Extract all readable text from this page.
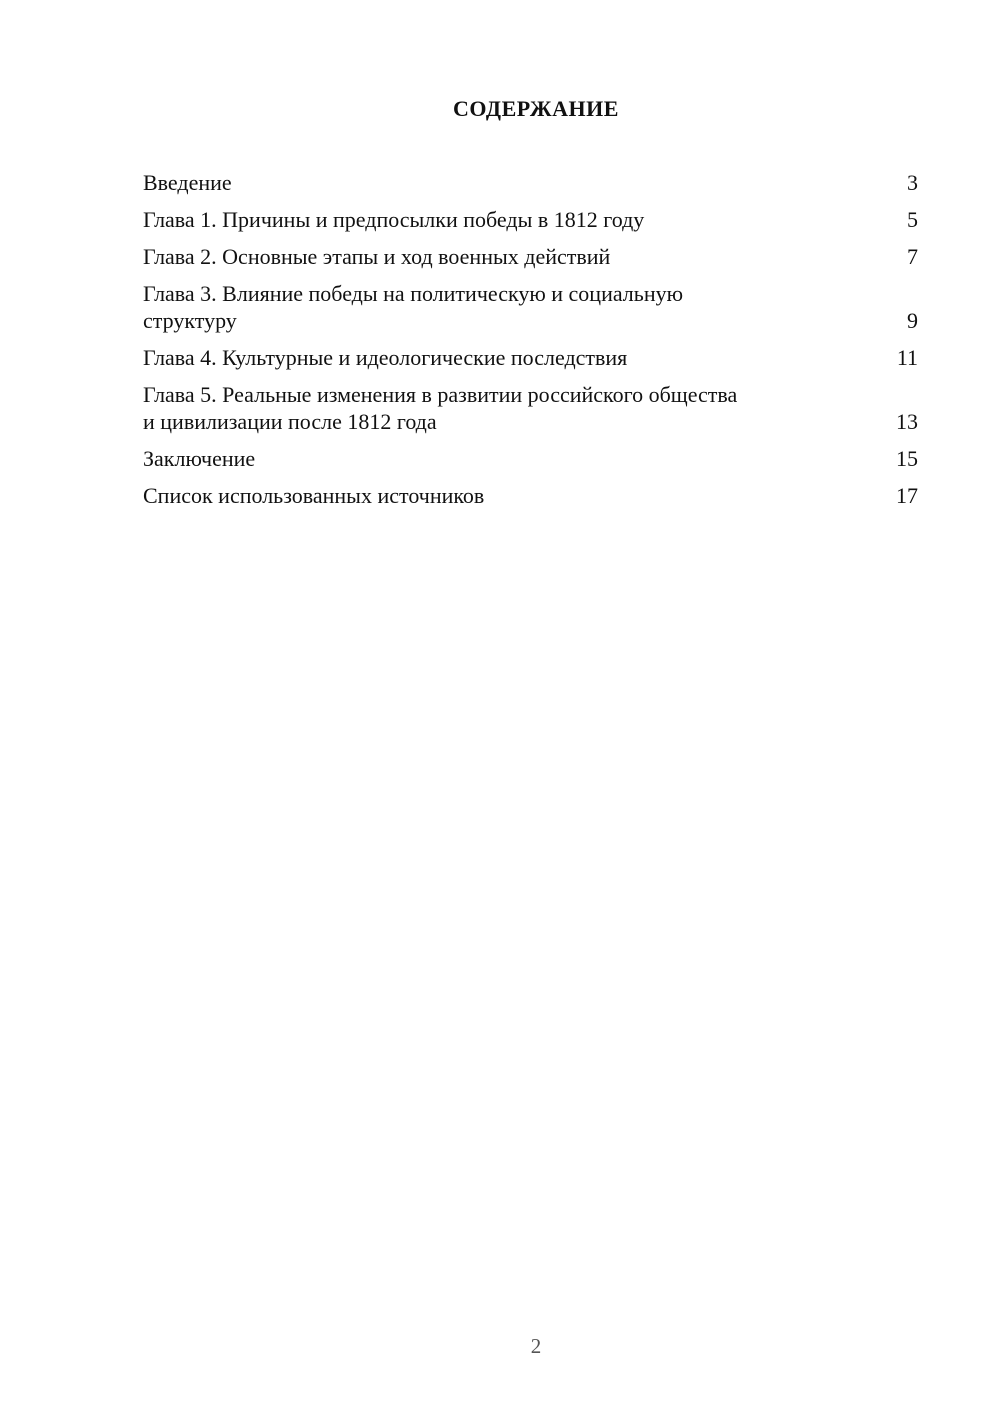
СОДЕРЖАНИЕ
Введение	3
Глава 1. Причины и предпосылки победы в 1812 году	5
Глава 2. Основные этапы и ход военных действий	7
Глава 3. Влияние победы на политическую и социальную
структуру	9
Глава 4. Культурные и идеологические последствия	11
Глава 5. Реальные изменения в развитии российского общества
и цивилизации после 1812 года	13
Заключение	15
Список использованных источников	17
2
